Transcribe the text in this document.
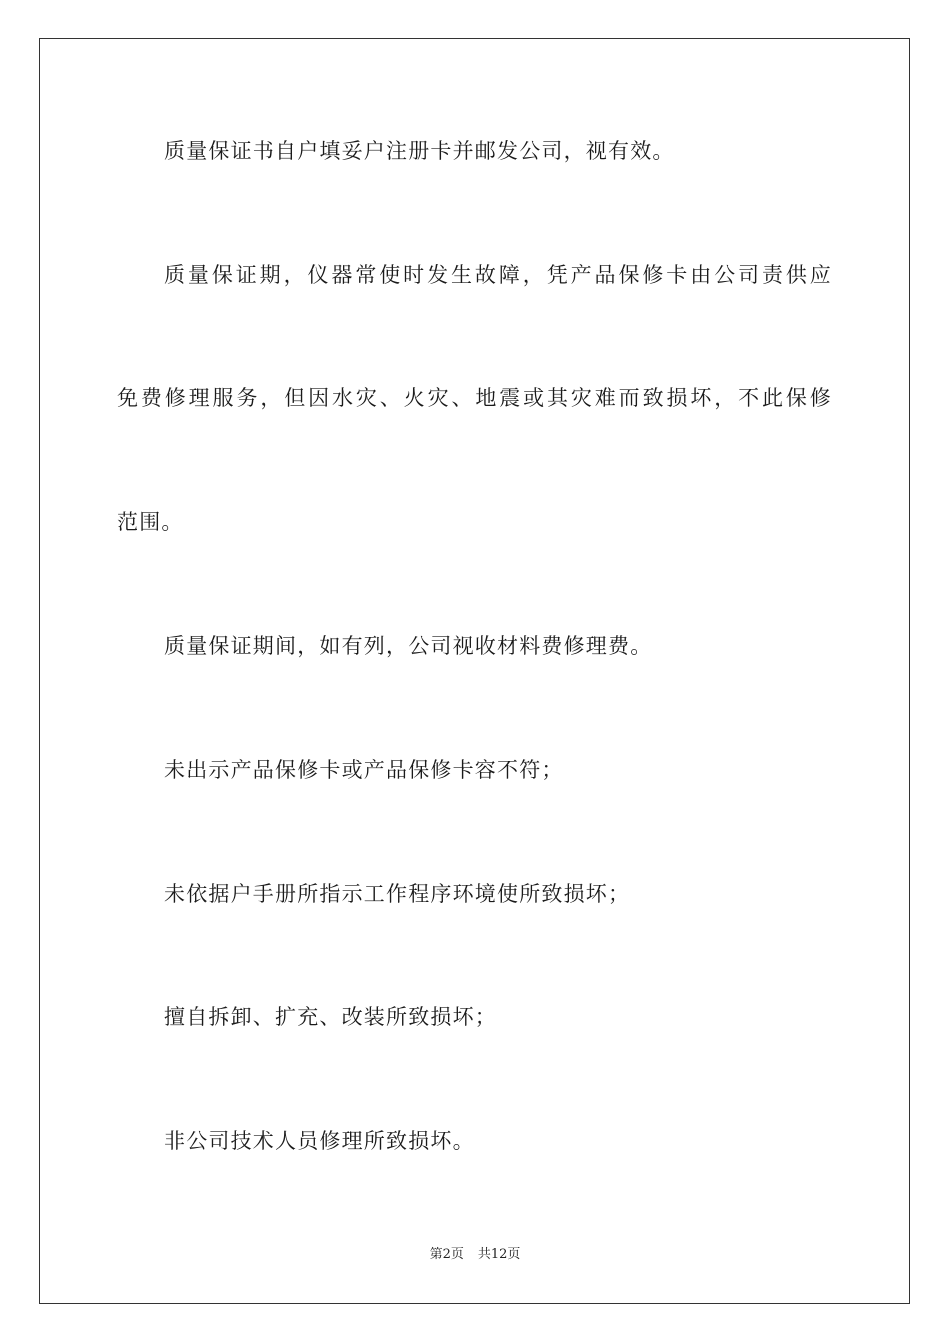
质量保证书自户填妥户注册卡并邮发公司，视有效。
质量保证期，仪器常使时发生故障，凭产品保修卡由公司责供应
免费修理服务，但因水灾、火灾、地震或其灾难而致损坏，不此保修
范围。
质量保证期间，如有列，公司视收材料费修理费。
未出示产品保修卡或产品保修卡容不符；
未依据户手册所指示工作程序环境使所致损坏；
擅自拆卸、扩充、改装所致损坏；
非公司技术人员修理所致损坏。
第2页 共12页
